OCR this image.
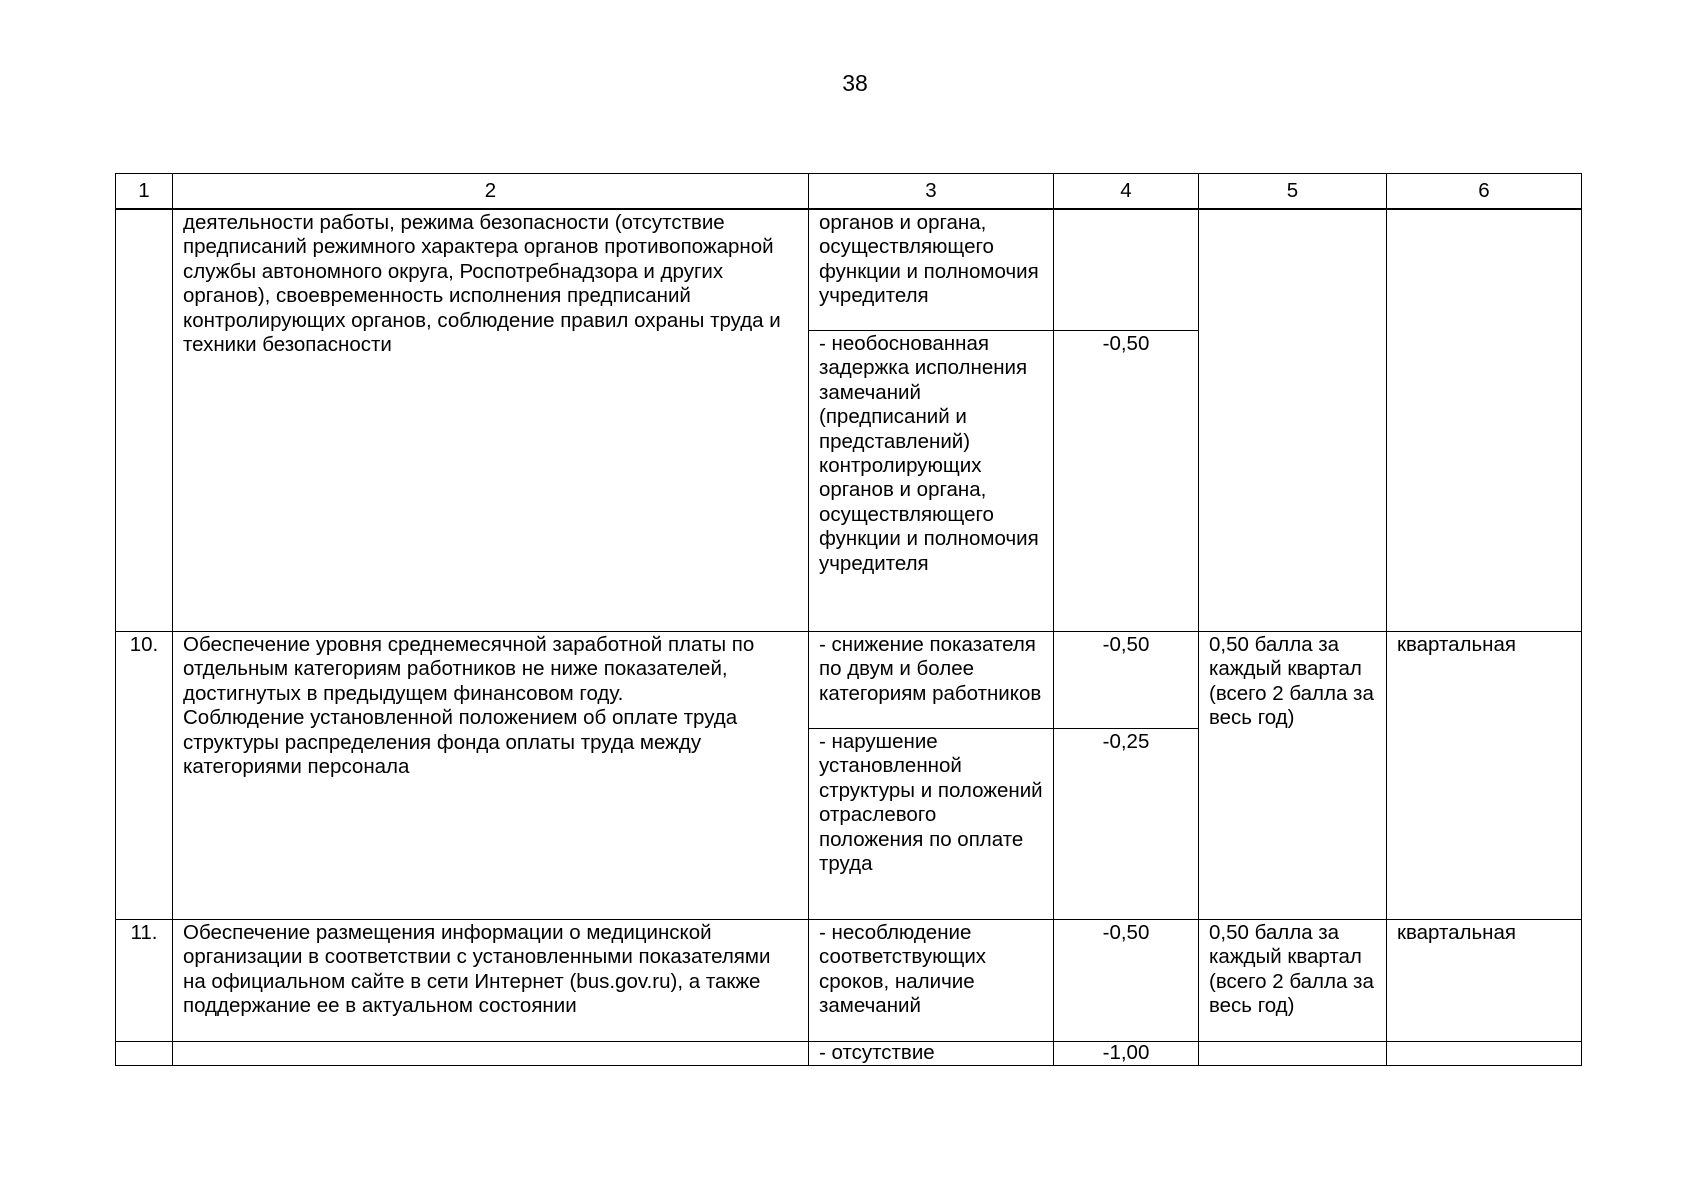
38
1	2	3	4	5	6
	деятельности работы, режима безопасности (отсутствие предписаний режимного характера органов противопожарной службы автономного округа, Роспотребнадзора и других органов), своевременность исполнения предписаний контролирующих органов, соблюдение правил охраны труда и техники безопасности	органов и органа, осуществляющего функции и полномочия учредителя			
		- необоснованная задержка исполнения замечаний (предписаний и представлений) контролирующих органов и органа, осуществляющего функции и полномочия учредителя	-0,50		
10.	Обеспечение уровня среднемесячной заработной платы по отдельным категориям работников не ниже показателей, достигнутых в предыдущем финансовом году.
Соблюдение установленной положением об оплате труда структуры распределения фонда оплаты труда между категориями персонала	- снижение показателя по двум и более категориям работников	-0,50	0,50 балла за каждый квартал (всего 2 балла за весь год)	квартальная
		- нарушение установленной структуры и положений отраслевого положения по оплате труда	-0,25		
11.	Обеспечение размещения информации о медицинской организации в соответствии с установленными показателями на официальном сайте в сети Интернет (bus.gov.ru), а также поддержание ее в актуальном состоянии	- несоблюдение соответствующих сроков, наличие замечаний	-0,50	0,50 балла за каждый квартал (всего 2 балла за весь год)	квартальная

		- отсутствие	-1,00		
